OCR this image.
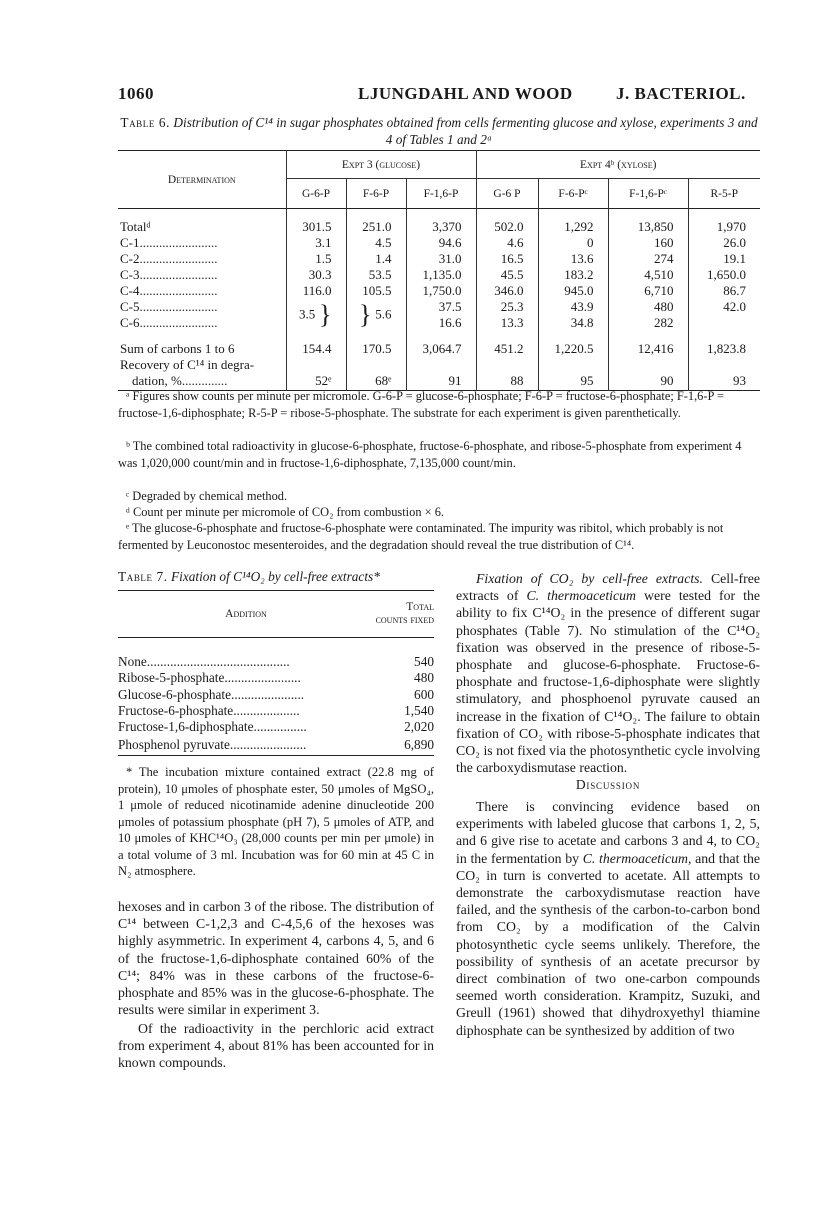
1060	LJUNGDAHL AND WOOD	J. BACTERIOL.
Table 6. Distribution of C¹⁴ in sugar phosphates obtained from cells fermenting glucose and xylose, experiments 3 and 4 of Tables 1 and 2ᵃ
Determination	Expt 3 (glucose)			Expt 4ᵇ (xylose)			
	G-6-P	F-6-P	F-1,6-P	G-6 P	F-6-Pᶜ	F-1,6-Pᶜ	R-5-P

Totalᵈ	301.5	251.0	3,370	502.0	1,292	13,850	1,970
C-1........................	3.1	4.5	94.6	4.6	0	160	26.0
C-2........................	1.5	1.4	31.0	16.5	13.6	274	19.1
C-3........................	30.3	53.5	1,135.0	45.5	183.2	4,510	1,650.0
C-4........................	116.0	105.5	1,750.0	346.0	945.0	6,710	86.7
C-5........................	3.5 }	} 5.6	37.5	25.3	43.9	480	42.0
C-6........................			16.6	13.3	34.8	282	

Sum of carbons 1 to 6	154.4	170.5	3,064.7	451.2	1,220.5	12,416	1,823.8
Recovery of C¹⁴ in degra-							
dation, %..............	52ᵉ	68ᵉ	91	88	95	90	93
ᵃ Figures show counts per minute per micromole. G-6-P = glucose-6-phosphate; F-6-P = fructose-6-phosphate; F-1,6-P = fructose-1,6-diphosphate; R-5-P = ribose-5-phosphate. The substrate for each experiment is given parenthetically.
ᵇ The combined total radioactivity in glucose-6-phosphate, fructose-6-phosphate, and ribose-5-phosphate from experiment 4 was 1,020,000 count/min and in fructose-1,6-diphosphate, 7,135,000 count/min.
ᶜ Degraded by chemical method.
ᵈ Count per minute per micromole of CO₂ from combustion × 6.
ᵉ The glucose-6-phosphate and fructose-6-phosphate were contaminated. The impurity was ribitol, which probably is not fermented by Leuconostoc mesenteroides, and the degradation should reveal the true distribution of C¹⁴.
Table 7. Fixation of C¹⁴O₂ by cell-free extracts*
Addition	Total counts fixed

None...........................................	540
Ribose-5-phosphate.......................	480
Glucose-6-phosphate......................	600
Fructose-6-phosphate....................	1,540
Fructose-1,6-diphosphate................	2,020
Phosphenol pyruvate.......................	6,890
* The incubation mixture contained extract (22.8 mg of protein), 10 μmoles of phosphate ester, 50 μmoles of MgSO₄, 1 μmole of reduced nicotinamide adenine dinucleotide 200 μmoles of potassium phosphate (pH 7), 5 μmoles of ATP, and 10 μmoles of KHC¹⁴O₃ (28,000 counts per min per μmole) in a total volume of 3 ml. Incubation was for 60 min at 45 C in N₂ atmosphere.
hexoses and in carbon 3 of the ribose. The distribution of C¹⁴ between C-1,2,3 and C-4,5,6 of the hexoses was highly asymmetric. In experiment 4, carbons 4, 5, and 6 of the fructose-1,6-diphosphate contained 60% of the C¹⁴; 84% was in these carbons of the fructose-6-phosphate and 85% was in the glucose-6-phosphate. The results were similar in experiment 3.
Of the radioactivity in the perchloric acid extract from experiment 4, about 81% has been accounted for in known compounds.
Fixation of CO₂ by cell-free extracts. Cell-free extracts of C. thermoaceticum were tested for the ability to fix C¹⁴O₂ in the presence of different sugar phosphates (Table 7). No stimulation of the C¹⁴O₂ fixation was observed in the presence of ribose-5-phosphate and glucose-6-phosphate. Fructose-6-phosphate and fructose-1,6-diphosphate were slightly stimulatory, and phosphoenol pyruvate caused an increase in the fixation of C¹⁴O₂. The failure to obtain fixation of CO₂ with ribose-5-phosphate indicates that CO₂ is not fixed via the photosynthetic cycle involving the carboxydismutase reaction.
Discussion
There is convincing evidence based on experiments with labeled glucose that carbons 1, 2, 5, and 6 give rise to acetate and carbons 3 and 4, to CO₂ in the fermentation by C. thermoaceticum, and that the CO₂ in turn is converted to acetate. All attempts to demonstrate the carboxydismutase reaction have failed, and the synthesis of the carbon-to-carbon bond from CO₂ by a modification of the Calvin photosynthetic cycle seems unlikely. Therefore, the possibility of synthesis of an acetate precursor by direct combination of two one-carbon compounds seemed worth consideration. Krampitz, Suzuki, and Greull (1961) showed that dihydroxyethyl thiamine diphosphate can be synthesized by addition of two
